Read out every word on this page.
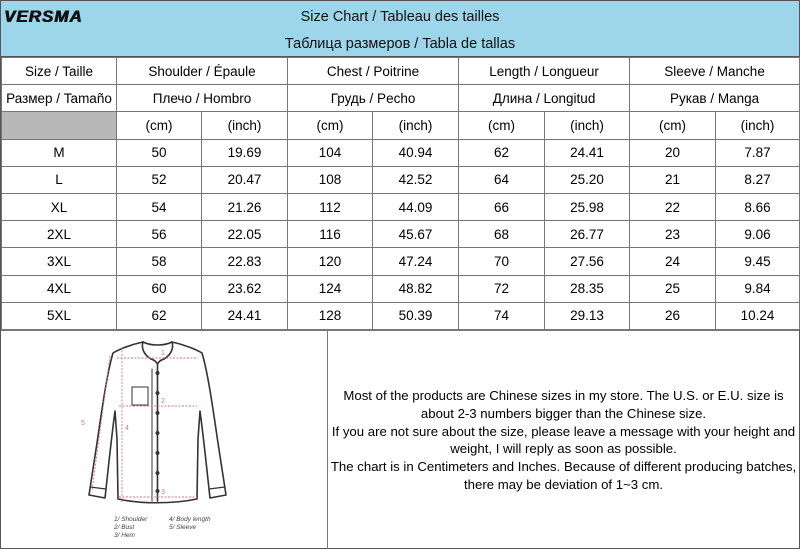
VERSMA	Size Chart / Tableau des tailles
Таблица размеров / Tabla de tallas
Size / Taille	Shoulder / Épaule		Chest / Poitrine		Length / Longueur		Sleeve / Manche	
Размер / Tamaño	Плечо / Hombro		Грудь / Pecho		Длина / Longitud		Рукав / Manga	
	(cm)	(inch)	(cm)	(inch)	(cm)	(inch)	(cm)	(inch)
M	50	19.69	104	40.94	62	24.41	20	7.87
L	52	20.47	108	42.52	64	25.20	21	8.27
XL	54	21.26	112	44.09	66	25.98	22	8.66
2XL	56	22.05	116	45.67	68	26.77	23	9.06
3XL	58	22.83	120	47.24	70	27.56	24	9.45
4XL	60	23.62	124	48.82	72	28.35	25	9.84
5XL	62	24.41	128	50.39	74	29.13	26	10.24
1
2
3
4
5
1/ Shoulder	4/ Body length
2/ Bust	5/ Sleeve
3/ Hem
Most of the products are Chinese sizes in my store. The U.S. or E.U. size is
about 2-3 numbers bigger than the Chinese size.
If you are not sure about the size, please leave a message with your height and
weight, I will reply as soon as possible.
The chart is in Centimeters and Inches. Because of different producing batches,
there may be deviation of 1~3 cm.
